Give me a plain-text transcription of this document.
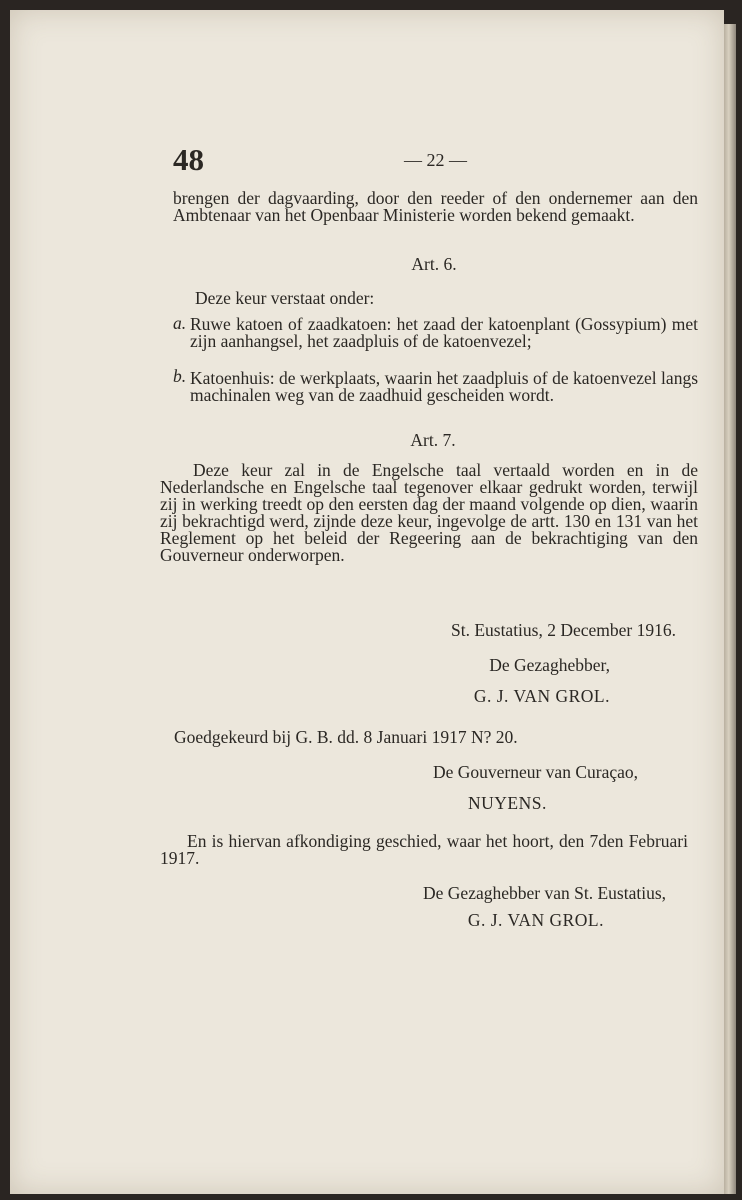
48	— 22 —

brengen der dagvaarding, door den reeder of den ondernemer aan den Ambtenaar van het Openbaar Ministerie worden bekend gemaakt.

Art. 6.
Deze keur verstaat onder:
a. Ruwe katoen of zaadkatoen: het zaad der katoenplant (Gossypium) met zijn aanhangsel, het zaadpluis of de katoenvezel;

b. Katoenhuis: de werkplaats, waarin het zaadpluis of de katoenvezel langs machinalen weg van de zaadhuid gescheiden wordt.

Art. 7.

Deze keur zal in de Engelsche taal vertaald worden en in de Nederlandsche en Engelsche taal tegenover elkaar gedrukt worden, terwijl zij in werking treedt op den eersten dag der maand volgende op dien, waarin zij bekrachtigd werd, zijnde deze keur, ingevolge de artt. 130 en 131 van het Reglement op het beleid der Regeering aan de bekrachtiging van den Gouverneur onderworpen.

St. Eustatius, 2 December 1916.
De Gezaghebber,
G. J. VAN GROL.
Goedgekeurd bij G. B. dd. 8 Januari 1917 N? 20.
De Gouverneur van Curaçao,
NUYENS.

En is hiervan afkondiging geschied, waar het hoort, den 7den Februari 1917.

De Gezaghebber van St. Eustatius,
G. J. VAN GROL.
